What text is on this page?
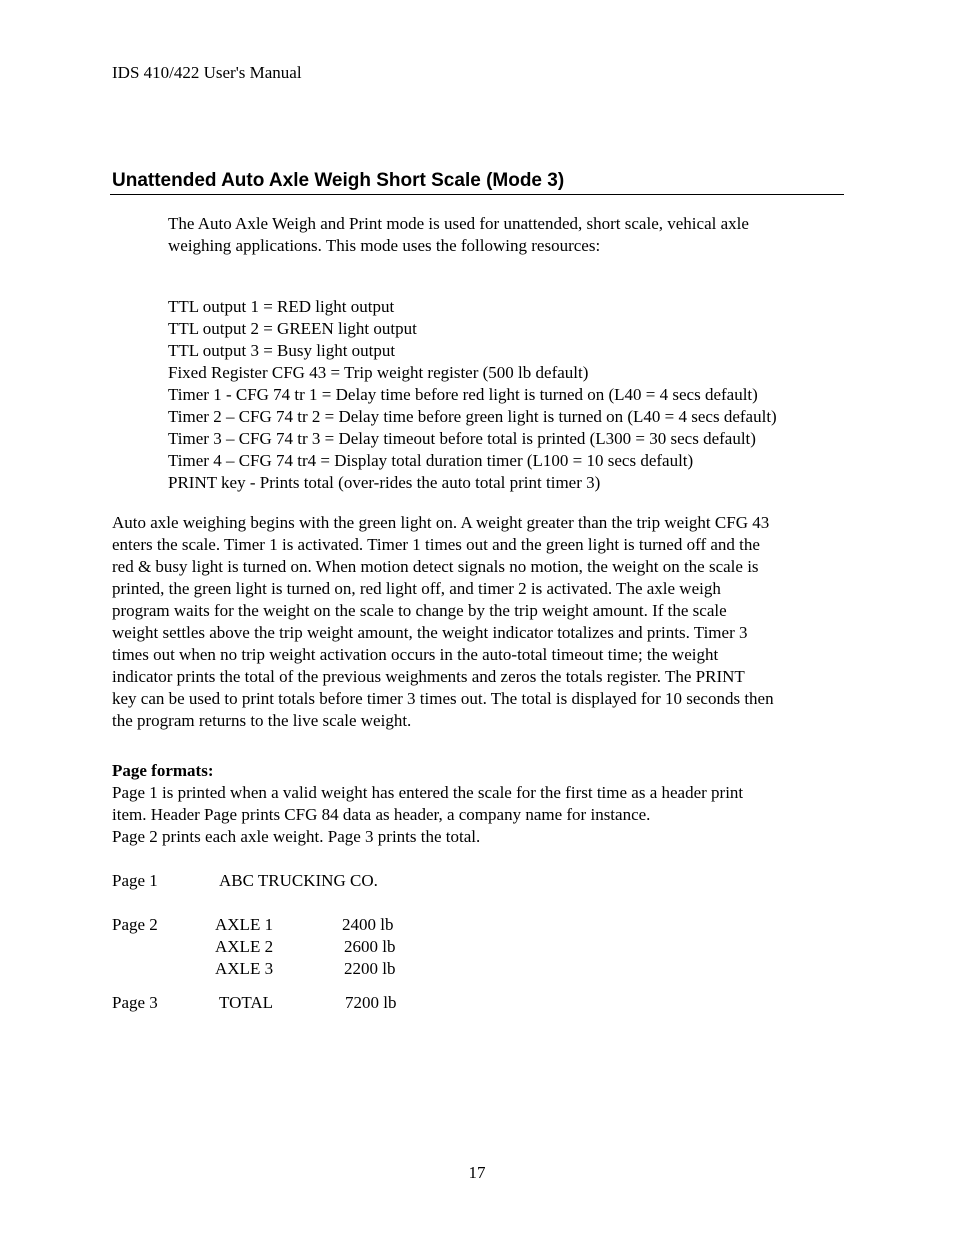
IDS 410/422 User's Manual
Unattended Auto Axle Weigh Short Scale (Mode 3)
The Auto Axle Weigh and Print mode is used for unattended, short scale, vehical axle
weighing applications. This mode uses the following resources:
TTL output 1 = RED light output
TTL output 2 = GREEN light output
TTL output 3 = Busy light output
Fixed Register CFG 43 = Trip weight register (500 lb default)
Timer 1 - CFG 74 tr 1 = Delay time before red light is turned on (L40 = 4 secs default)
Timer 2 – CFG 74 tr 2 = Delay time before green light is turned on (L40 = 4 secs default)
Timer 3 – CFG 74 tr 3 = Delay timeout before total is printed (L300 = 30 secs default)
Timer 4 – CFG 74 tr4 = Display total duration timer (L100 = 10 secs default)
PRINT key - Prints total (over-rides the auto total print timer 3)
Auto axle weighing begins with the green light on. A weight greater than the trip weight CFG 43
enters the scale. Timer 1 is activated. Timer 1 times out and the green light is turned off and the
red & busy light is turned on. When motion detect signals no motion, the weight on the scale is
printed, the green light is turned on, red light off, and timer 2 is activated. The axle weigh
program waits for the weight on the scale to change by the trip weight amount. If the scale
weight settles above the trip weight amount, the weight indicator totalizes and prints. Timer 3
times out when no trip weight activation occurs in the auto-total timeout time; the weight
indicator prints the total of the previous weighments and zeros the totals register. The PRINT
key can be used to print totals before timer 3 times out. The total is displayed for 10 seconds then
the program returns to the live scale weight.
Page formats:
Page 1 is printed when a valid weight has entered the scale for the first time as a header print
item. Header Page prints CFG 84 data as header, a company name for instance.
Page 2 prints each axle weight. Page 3 prints the total.
Page 1	ABC TRUCKING CO.
Page 2	AXLE 1	2400 lb
AXLE 2	2600 lb
AXLE 3	2200 lb
Page 3	TOTAL	7200 lb
17
